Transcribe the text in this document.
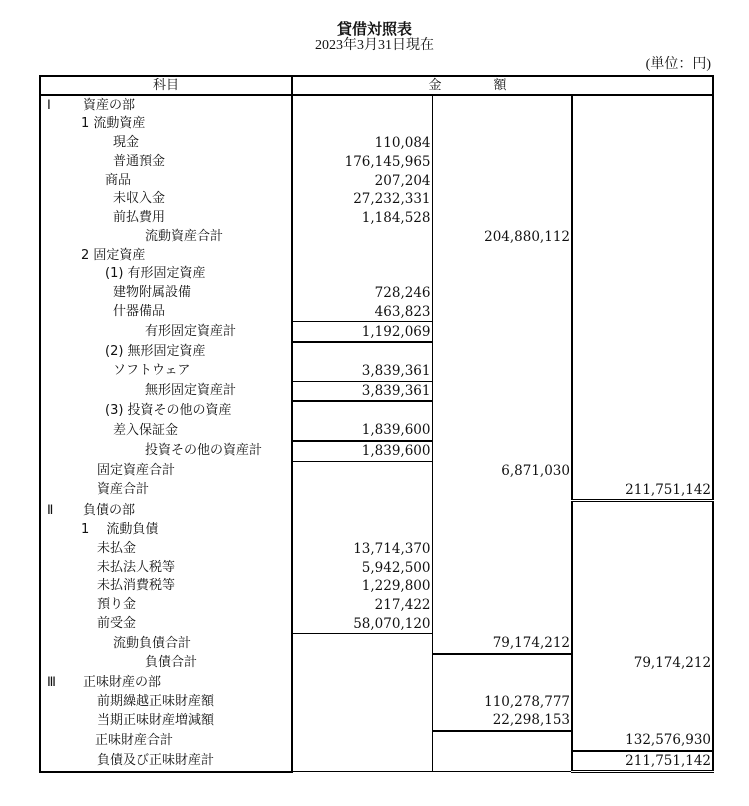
貸借対照表
2023年3月31日現在
(単位：円)
科目	金　　　　額		
Ⅰ 資産の部			
1 流動資産			
現金	110,084		
普通預金	176,145,965		
商品	207,204		
未収入金	27,232,331		
前払費用	1,184,528		
流動資産合計		204,880,112	
2 固定資産			
(1) 有形固定資産			
建物附属設備	728,246		
什器備品	463,823		
有形固定資産計	1,192,069		
(2) 無形固定資産			
ソフトウェア	3,839,361		
無形固定資産計	3,839,361		
(3) 投資その他の資産			
差入保証金	1,839,600		
投資その他の資産計	1,839,600		
固定資産合計		6,871,030	
資産合計			211,751,142
Ⅱ 負債の部			
1　 流動負債			
未払金	13,714,370		
未払法人税等	5,942,500		
未払消費税等	1,229,800		
預り金	217,422		
前受金	58,070,120		
流動負債合計		79,174,212	
負債合計			79,174,212
Ⅲ 正味財産の部			
前期繰越正味財産額		110,278,777	
当期正味財産増減額		22,298,153	
正味財産合計			132,576,930
負債及び正味財産計			211,751,142
